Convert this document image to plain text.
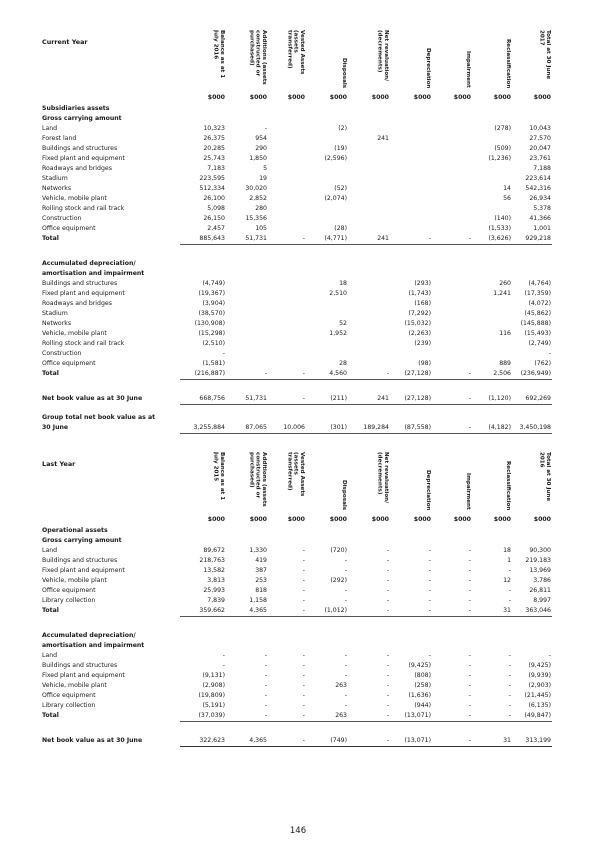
Current Year	Balance as at 1 July 2016	Additions (assets constructed or purchased)	Vested Assets (assets transferred)	Disposals	Net revaluation/ (decrements)	Depreciation	Impairment	Reclassification	Total at 30 June 2017
	$000	$000	$000	$000	$000	$000	$000	$000	$000
Subsidiaries assets									
Gross carrying amount									
Land	10,323	-		(2)				(278)	10,043
Forest land	26,375	954			241				27,570
Buildings and structures	20,285	290		(19)				(509)	20,047
Fixed plant and equipment	25,743	1,850		(2,596)				(1,236)	23,761
Roadways and bridges	7,183	5							7,188
Stadium	223,595	19							223,614
Networks	512,334	30,020		(52)				14	542,316
Vehicle, mobile plant	26,100	2,852		(2,074)				56	26,934
Rolling stock and rail track	5,098	280							5,378
Construction	26,150	15,356						(140)	41,366
Office equipment	2,457	105		(28)				(1,533)	1,001
Total	885,643	51,731	-	(4,771)	241	-	-	(3,626)	929,218

Accumulated depreciation/									
amortisation and impairment									
Buildings and structures	(4,749)			18		(293)		260	(4,764)
Fixed plant and equipment	(19,367)			2,510		(1,743)		1,241	(17,359)
Roadways and bridges	(3,904)					(168)			(4,072)
Stadium	(38,570)					(7,292)			(45,862)
Networks	(130,908)			52		(15,032)			(145,888)
Vehicle, mobile plant	(15,298)			1,952		(2,263)		116	(15,493)
Rolling stock and rail track	(2,510)					(239)			(2,749)
Construction	-								-
Office equipment	(1,581)			28		(98)		889	(762)
Total	(216,887)	-	-	4,560	-	(27,128)	-	2,506	(236,949)

Net book value as at 30 June	668,756	51,731	-	(211)	241	(27,128)	-	(1,120)	692,269

Group total net book value as at									
30 June	3,255,884	87,065	10,006	(301)	189,284	(87,558)	-	(4,182)	3,450,198
Last Year	Balance as at 1 July 2015	Additions (assets constructed or purchased)	Vested Assets (assets transferred)	Disposals	Net revaluation/ (decrements)	Depreciation	Impairment	Reclassification	Total at 30 June 2016
	$000	$000	$000	$000	$000	$000	$000	$000	$000
Operational assets									
Gross carrying amount									
Land	89,672	1,330	-	(720)	-	-	-	18	90,300
Buildings and structures	218,763	419	-	-	-	-	-	1	219,183
Fixed plant and equipment	13,582	387	-	-	-	-	-	-	13,969
Vehicle, mobile plant	3,813	253	-	(292)	-	-	-	12	3,786
Office equipment	25,993	818	-	-	-	-	-	-	26,811
Library collection	7,839	1,158	-	-	-	-	-	-	8,997
Total	359,662	4,365	-	(1,012)	-	-	-	31	363,046

Accumulated depreciation/									
amortisation and impairment									
Land	-	-	-	-	-	-	-	-	-
Buildings and structures	-	-	-	-	-	(9,425)	-	-	(9,425)
Fixed plant and equipment	(9,131)	-	-	-	-	(808)	-	-	(9,939)
Vehicle, mobile plant	(2,908)	-	-	263	-	(258)	-	-	(2,903)
Office equipment	(19,809)	-	-	-	-	(1,636)	-	-	(21,445)
Library collection	(5,191)	-	-	-	-	(944)	-	-	(6,135)
Total	(37,039)	-	-	263	-	(13,071)	-	-	(49,847)

Net book value as at 30 June	322,623	4,365	-	(749)	-	(13,071)	-	31	313,199
146
